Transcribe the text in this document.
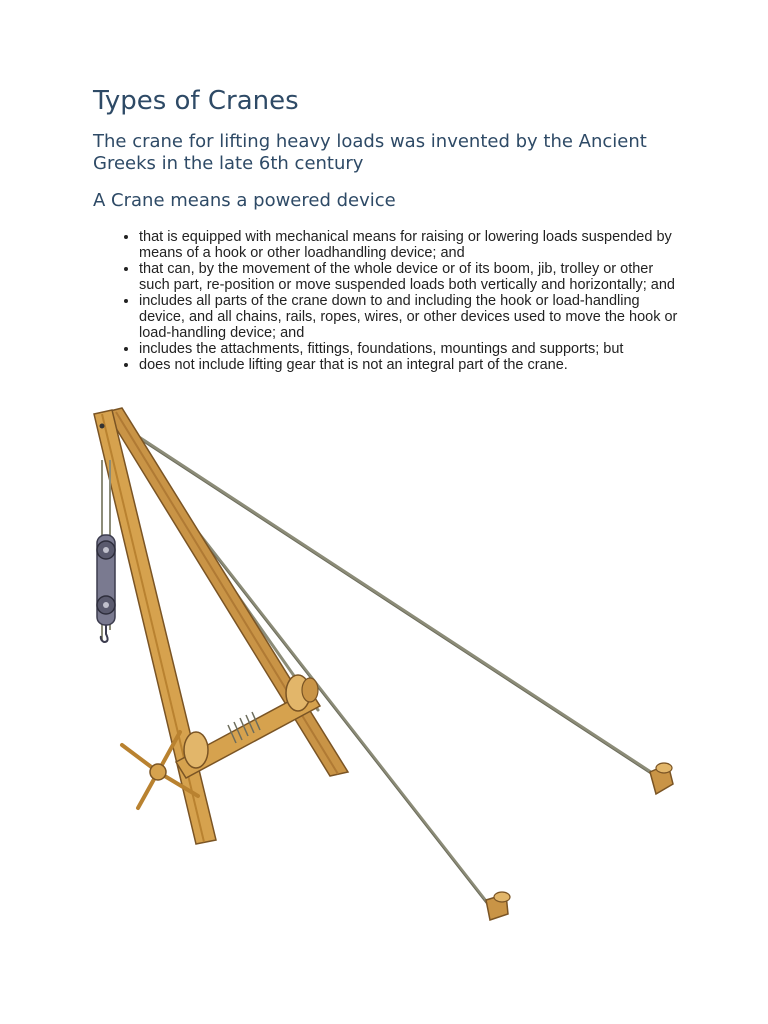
Types of Cranes
The crane for lifting heavy loads was invented by the Ancient Greeks in the late 6th century
A Crane means a powered device
• that is equipped with mechanical means for raising or lowering loads suspended by means of a hook or other loadhandling device; and
• that can, by the movement of the whole device or of its boom, jib, trolley or other such part, re-position or move suspended loads both vertically and horizontally; and
• includes all parts of the crane down to and including the hook or load-handling device, and all chains, rails, ropes, wires, or other devices used to move the hook or load-handling device; and
• includes the attachments, fittings, foundations, mountings and supports; but
• does not include lifting gear that is not an integral part of the crane.
